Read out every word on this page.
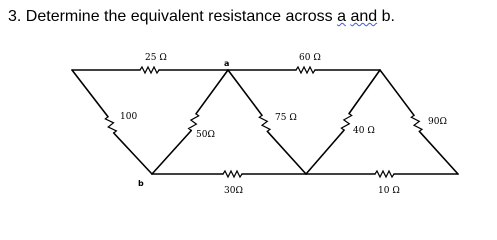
3. Determine the equivalent resistance across a and b.
25 Ω	60 Ω
100
50Ω
75 Ω
40 Ω
90Ω
30Ω	10 Ω
a
b
